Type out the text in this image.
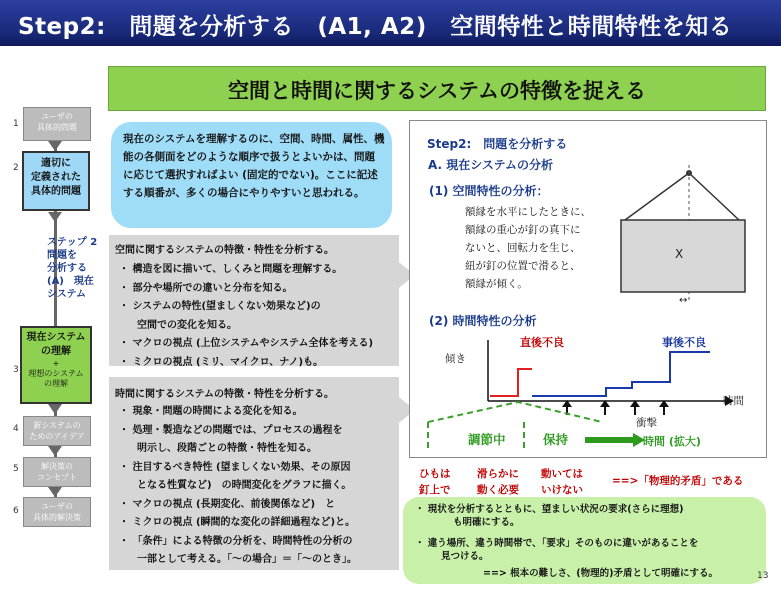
Step2:　問題を分析する　(A1, A2)　空間特性と時間特性を知る
空間と時間に関するシステムの特徴を捉える
1
ユーザの
具体的問題
2	適切に
定義された
具体的問題
ステップ 2
問題を
分析する
(A)　現在
システム
3
現在システム
の理解
+
理想のシステム
の理解
4	新システムの
ためのアイデア
5	解決策の
コンセプト
6	ユーザの
具体的解決策
現在のシステムを理解するのに、空間、時間、属性、機能の各側面をどのような順序で扱うとよいかは、問題に応じて選択すればよい (固定的でない)。ここに記述する順番が、多くの場合にやりやすいと思われる。
空間に関するシステムの特徴・特性を分析する。
・ 構造を図に描いて、しくみと問題を理解する。
・ 部分や場所での違いと分布を知る。
・ システムの特性(望ましくない効果など)の
空間での変化を知る。
・ マクロの視点 (上位システムやシステム全体を考える)
・ ミクロの視点 (ミリ、マイクロ、ナノ)も。
時間に関するシステムの特徴・特性を分析する。
・ 現象・問題の時間による変化を知る。
・ 処理・製造などの問題では、プロセスの過程を
明示し、段階ごとの特徴・特性を知る。
・ 注目するべき特性 (望ましくない効果、その原因
となる性質など)　の時間変化をグラフに描く。
・ マクロの視点 (長期変化、前後関係など)　と
・ ミクロの視点 (瞬間的な変化の詳細過程など)と。
・ 「条件」による特徴の分析を、時間特性の分析の
一部として考える。「〜の場合」＝「〜のとき」。
Step2:　問題を分析する
A. 現在システムの分析
(1) 空間特性の分析：
額縁を水平にしたときに、
額縁の重心が釘の真下に
ないと、回転力を生じ、
紐が釘の位置で滑ると、
額縁が傾く。
X
↔
(2) 時間特性の分析
傾き
時間
直後不良	事後不良
衝撃
調節中	保持	時間 (拡大)
ひもは
釘上で
滑らかに
動く必要
動いては
いけない
==>「物理的矛盾」である
・ 現状を分析するとともに、望ましい状況の要求(さらに理想)
も明確にする。
・ 違う場所、違う時間帯で、「要求」そのものに違いがあることを
見つける。
==> 根本の難しさ、(物理的)矛盾として明確にする。	13
